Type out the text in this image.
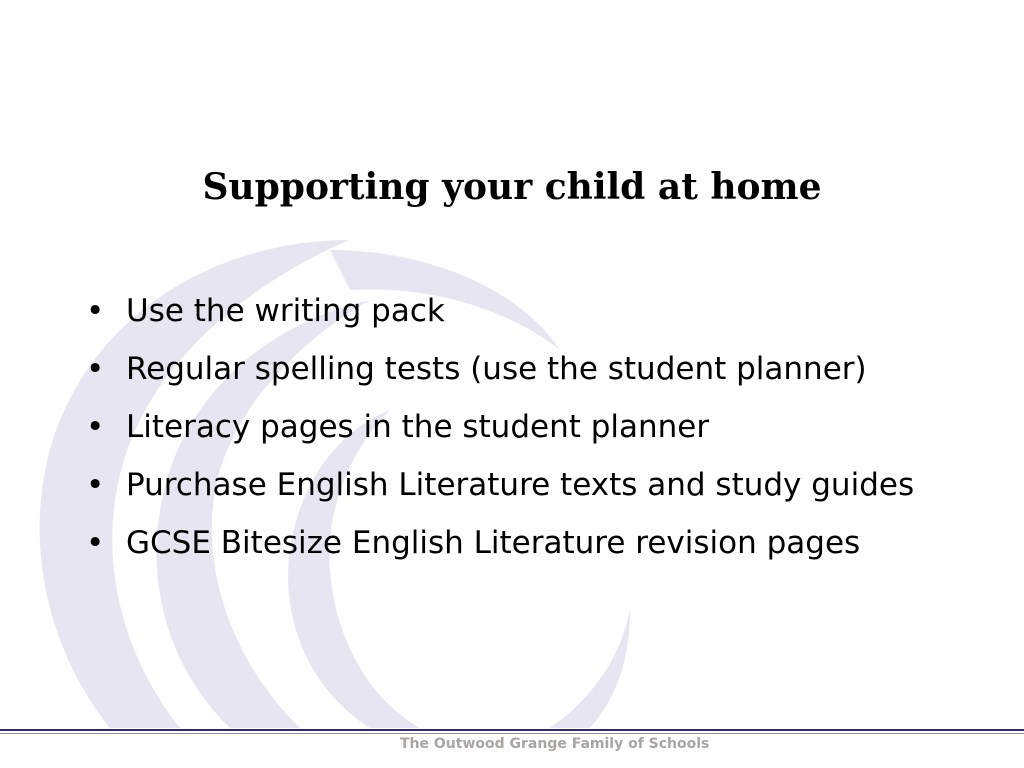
Supporting your child at home
• Use the writing pack
• Regular spelling tests (use the student planner)
• Literacy pages in the student planner
• Purchase English Literature texts and study guides
• GCSE Bitesize English Literature revision pages
The Outwood Grange Family of Schools
